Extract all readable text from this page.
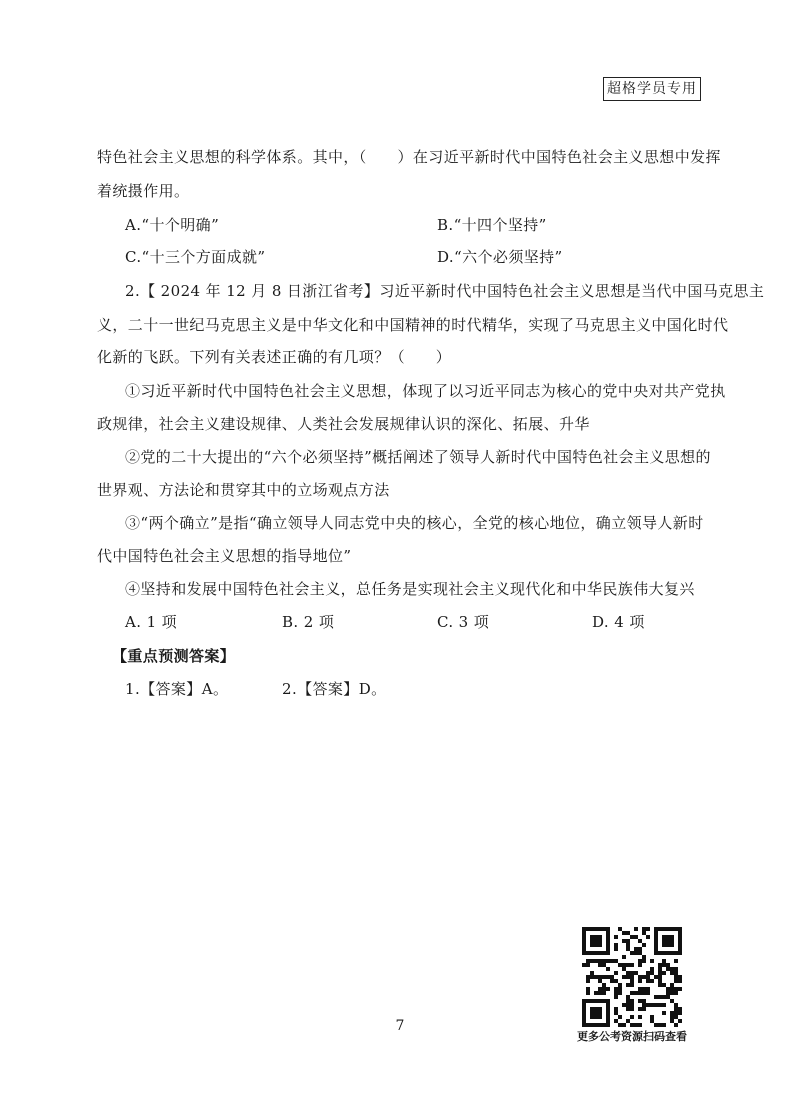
超格学员专用
特色社会主义思想的科学体系。其中，（　　）在习近平新时代中国特色社会主义思想中发挥
着统摄作用。
A.“十个明确”	B.“十四个坚持”
C.“十三个方面成就”	D.“六个必须坚持”
2.【 2024 年 12 月 8 日浙江省考】习近平新时代中国特色社会主义思想是当代中国马克思主
义，二十一世纪马克思主义是中华文化和中国精神的时代精华，实现了马克思主义中国化时代
化新的飞跃。下列有关表述正确的有几项？（　　）
①习近平新时代中国特色社会主义思想，体现了以习近平同志为核心的党中央对共产党执
政规律，社会主义建设规律、人类社会发展规律认识的深化、拓展、升华
②党的二十大提出的“六个必须坚持”概括阐述了领导人新时代中国特色社会主义思想的
世界观、方法论和贯穿其中的立场观点方法
③“两个确立”是指“确立领导人同志党中央的核心，全党的核心地位，确立领导人新时
代中国特色社会主义思想的指导地位”
④坚持和发展中国特色社会主义，总任务是实现社会主义现代化和中华民族伟大复兴
A. 1 项	B. 2 项	C. 3 项	D. 4 项
【重点预测答案】
1.【答案】A。	2.【答案】D。
更多公考资源扫码查看
7
